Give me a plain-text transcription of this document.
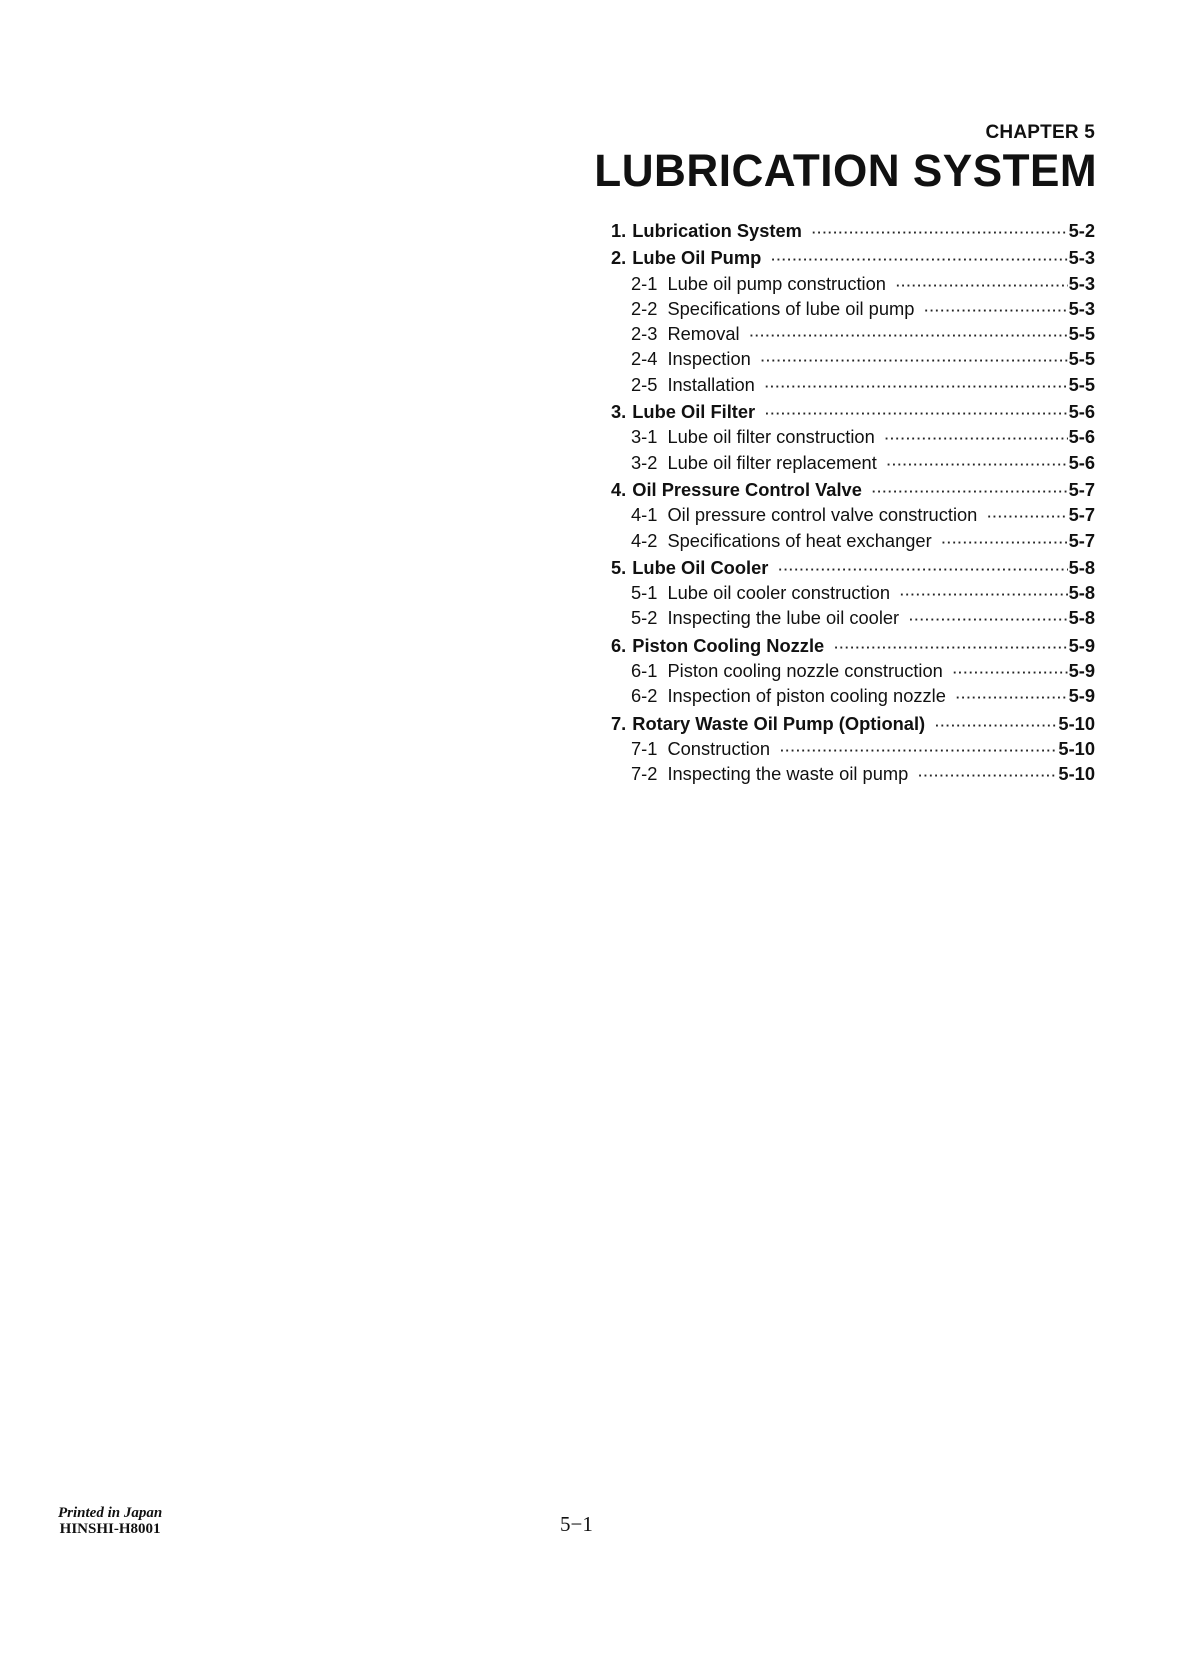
CHAPTER 5
LUBRICATION SYSTEM
1. Lubrication System ·····	5-2
2. Lube Oil Pump ·····	5-3
2-1 Lube oil pump construction ·····	5-3
2-2 Specifications of lube oil pump ·····	5-3
2-3 Removal ·····	5-5
2-4 Inspection ·····	5-5
2-5 Installation ·····	5-5
3. Lube Oil Filter ·····	5-6
3-1 Lube oil filter construction ·····	5-6
3-2 Lube oil filter replacement ·····	5-6
4. Oil Pressure Control Valve ·····	5-7
4-1 Oil pressure control valve construction ·····	5-7
4-2 Specifications of heat exchanger ·····	5-7
5. Lube Oil Cooler ·····	5-8
5-1 Lube oil cooler construction ·····	5-8
5-2 Inspecting the lube oil cooler ·····	5-8
6. Piston Cooling Nozzle ·····	5-9
6-1 Piston cooling nozzle construction ·····	5-9
6-2 Inspection of piston cooling nozzle ·····	5-9
7. Rotary Waste Oil Pump (Optional) ·····	5-10
7-1 Construction ·····	5-10
7-2 Inspecting the waste oil pump ·····	5-10
Printed in Japan
HINSHI-H8001	5−1
